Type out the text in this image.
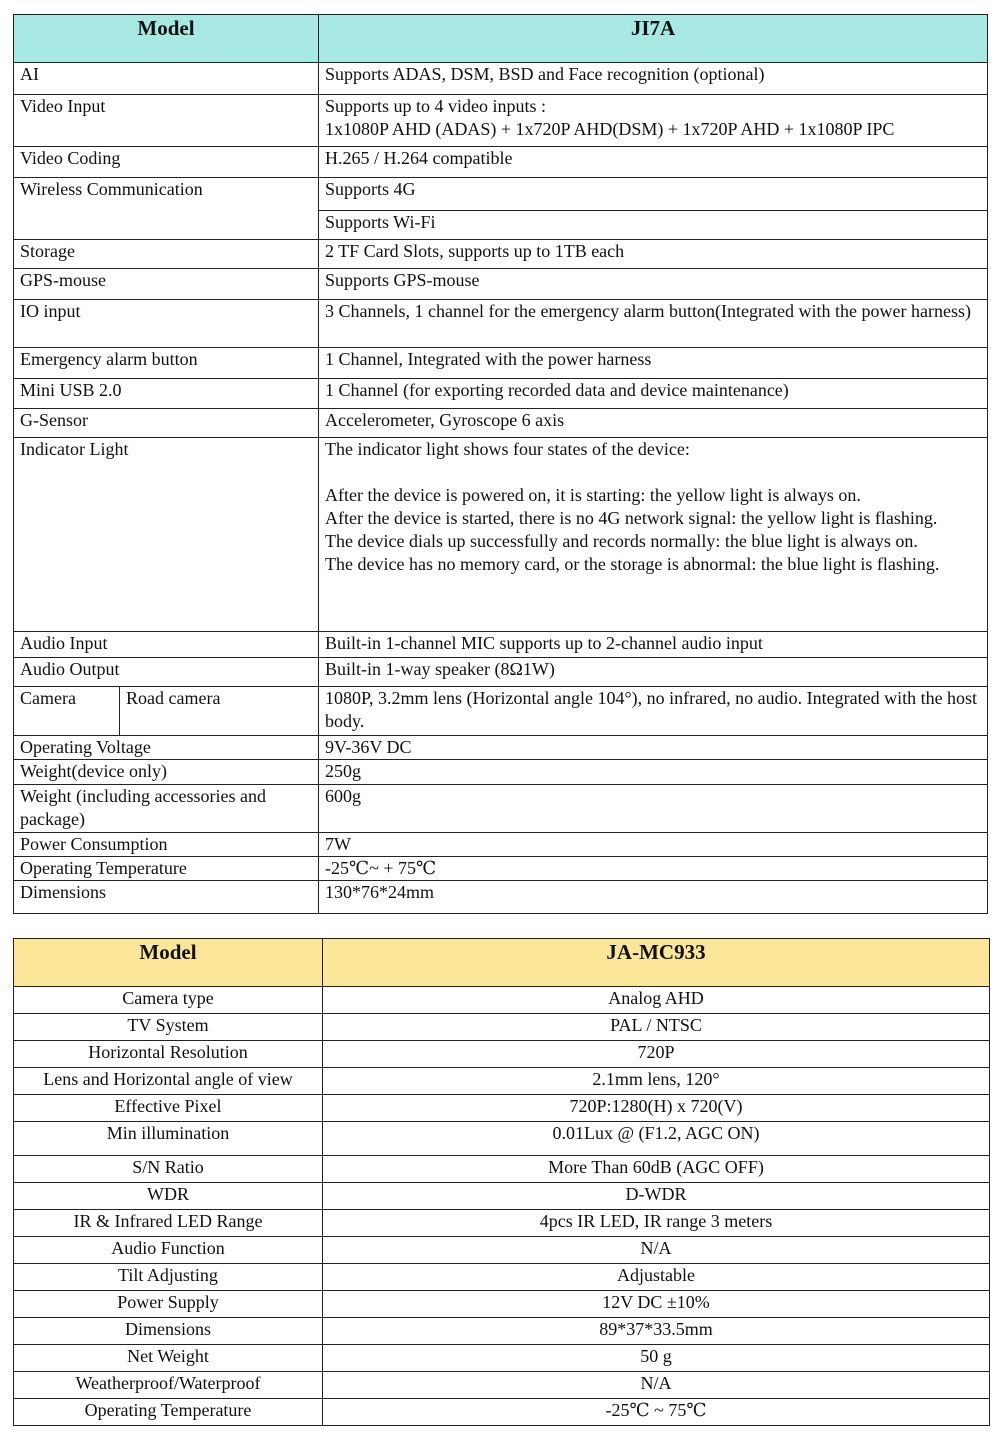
Model		JI7A
AI		Supports ADAS, DSM, BSD and Face recognition (optional)
Video Input		Supports up to 4 video inputs :
1x1080P AHD (ADAS) + 1x720P AHD(DSM) + 1x720P AHD + 1x1080P IPC
Video Coding		H.265 / H.264 compatible
Wireless Communication		Supports 4G
		Supports Wi-Fi
Storage		2 TF Card Slots, supports up to 1TB each
GPS-mouse		Supports GPS-mouse
IO input		3 Channels, 1 channel for the emergency alarm button(Integrated with the power harness)
Emergency alarm button		1 Channel, Integrated with the power harness
Mini USB 2.0		1 Channel (for exporting recorded data and device maintenance)
G-Sensor		Accelerometer, Gyroscope 6 axis
Indicator Light		The indicator light shows four states of the device:

After the device is powered on, it is starting: the yellow light is always on.
After the device is started, there is no 4G network signal: the yellow light is flashing.
The device dials up successfully and records normally: the blue light is always on.
The device has no memory card, or the storage is abnormal: the blue light is flashing.
Audio Input		Built-in 1-channel MIC supports up to 2-channel audio input
Audio Output		Built-in 1-way speaker (8Ω1W)
Camera	Road camera	1080P, 3.2mm lens (Horizontal angle 104°), no infrared, no audio. Integrated with the host body.
Operating Voltage		9V-36V DC
Weight(device only)		250g
Weight (including accessories and package)		600g
Power Consumption		7W
Operating Temperature		-25℃~ + 75℃
Dimensions		130*76*24mm
Model	JA-MC933
Camera type	Analog AHD
TV System	PAL / NTSC
Horizontal Resolution	720P
Lens and Horizontal angle of view	2.1mm lens, 120°
Effective Pixel	720P:1280(H) x 720(V)
Min illumination	0.01Lux @ (F1.2, AGC ON)
S/N Ratio	More Than 60dB (AGC OFF)
WDR	D-WDR
IR & Infrared LED Range	4pcs IR LED, IR range 3 meters
Audio Function	N/A
Tilt Adjusting	Adjustable
Power Supply	12V DC ±10%
Dimensions	89*37*33.5mm
Net Weight	50 g
Weatherproof/Waterproof	N/A
Operating Temperature	-25℃ ~ 75℃
